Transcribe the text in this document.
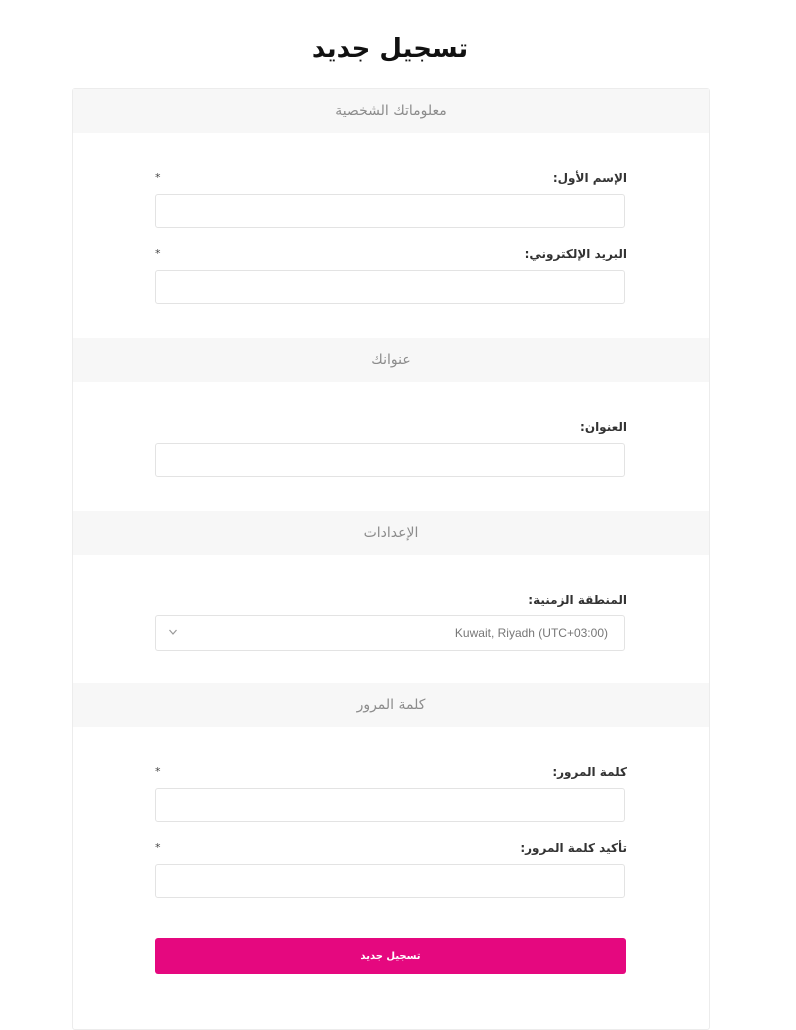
تسجيل جديد
معلوماتك الشخصية
الإسم الأول:
*
البريد الإلكتروني:
*
عنوانك
العنوان:
الإعدادات
المنطقة الزمنية:
Kuwait, Riyadh (UTC+03:00)
كلمة المرور
كلمة المرور:
*
تأكيد كلمة المرور:
*
تسجيل جديد
